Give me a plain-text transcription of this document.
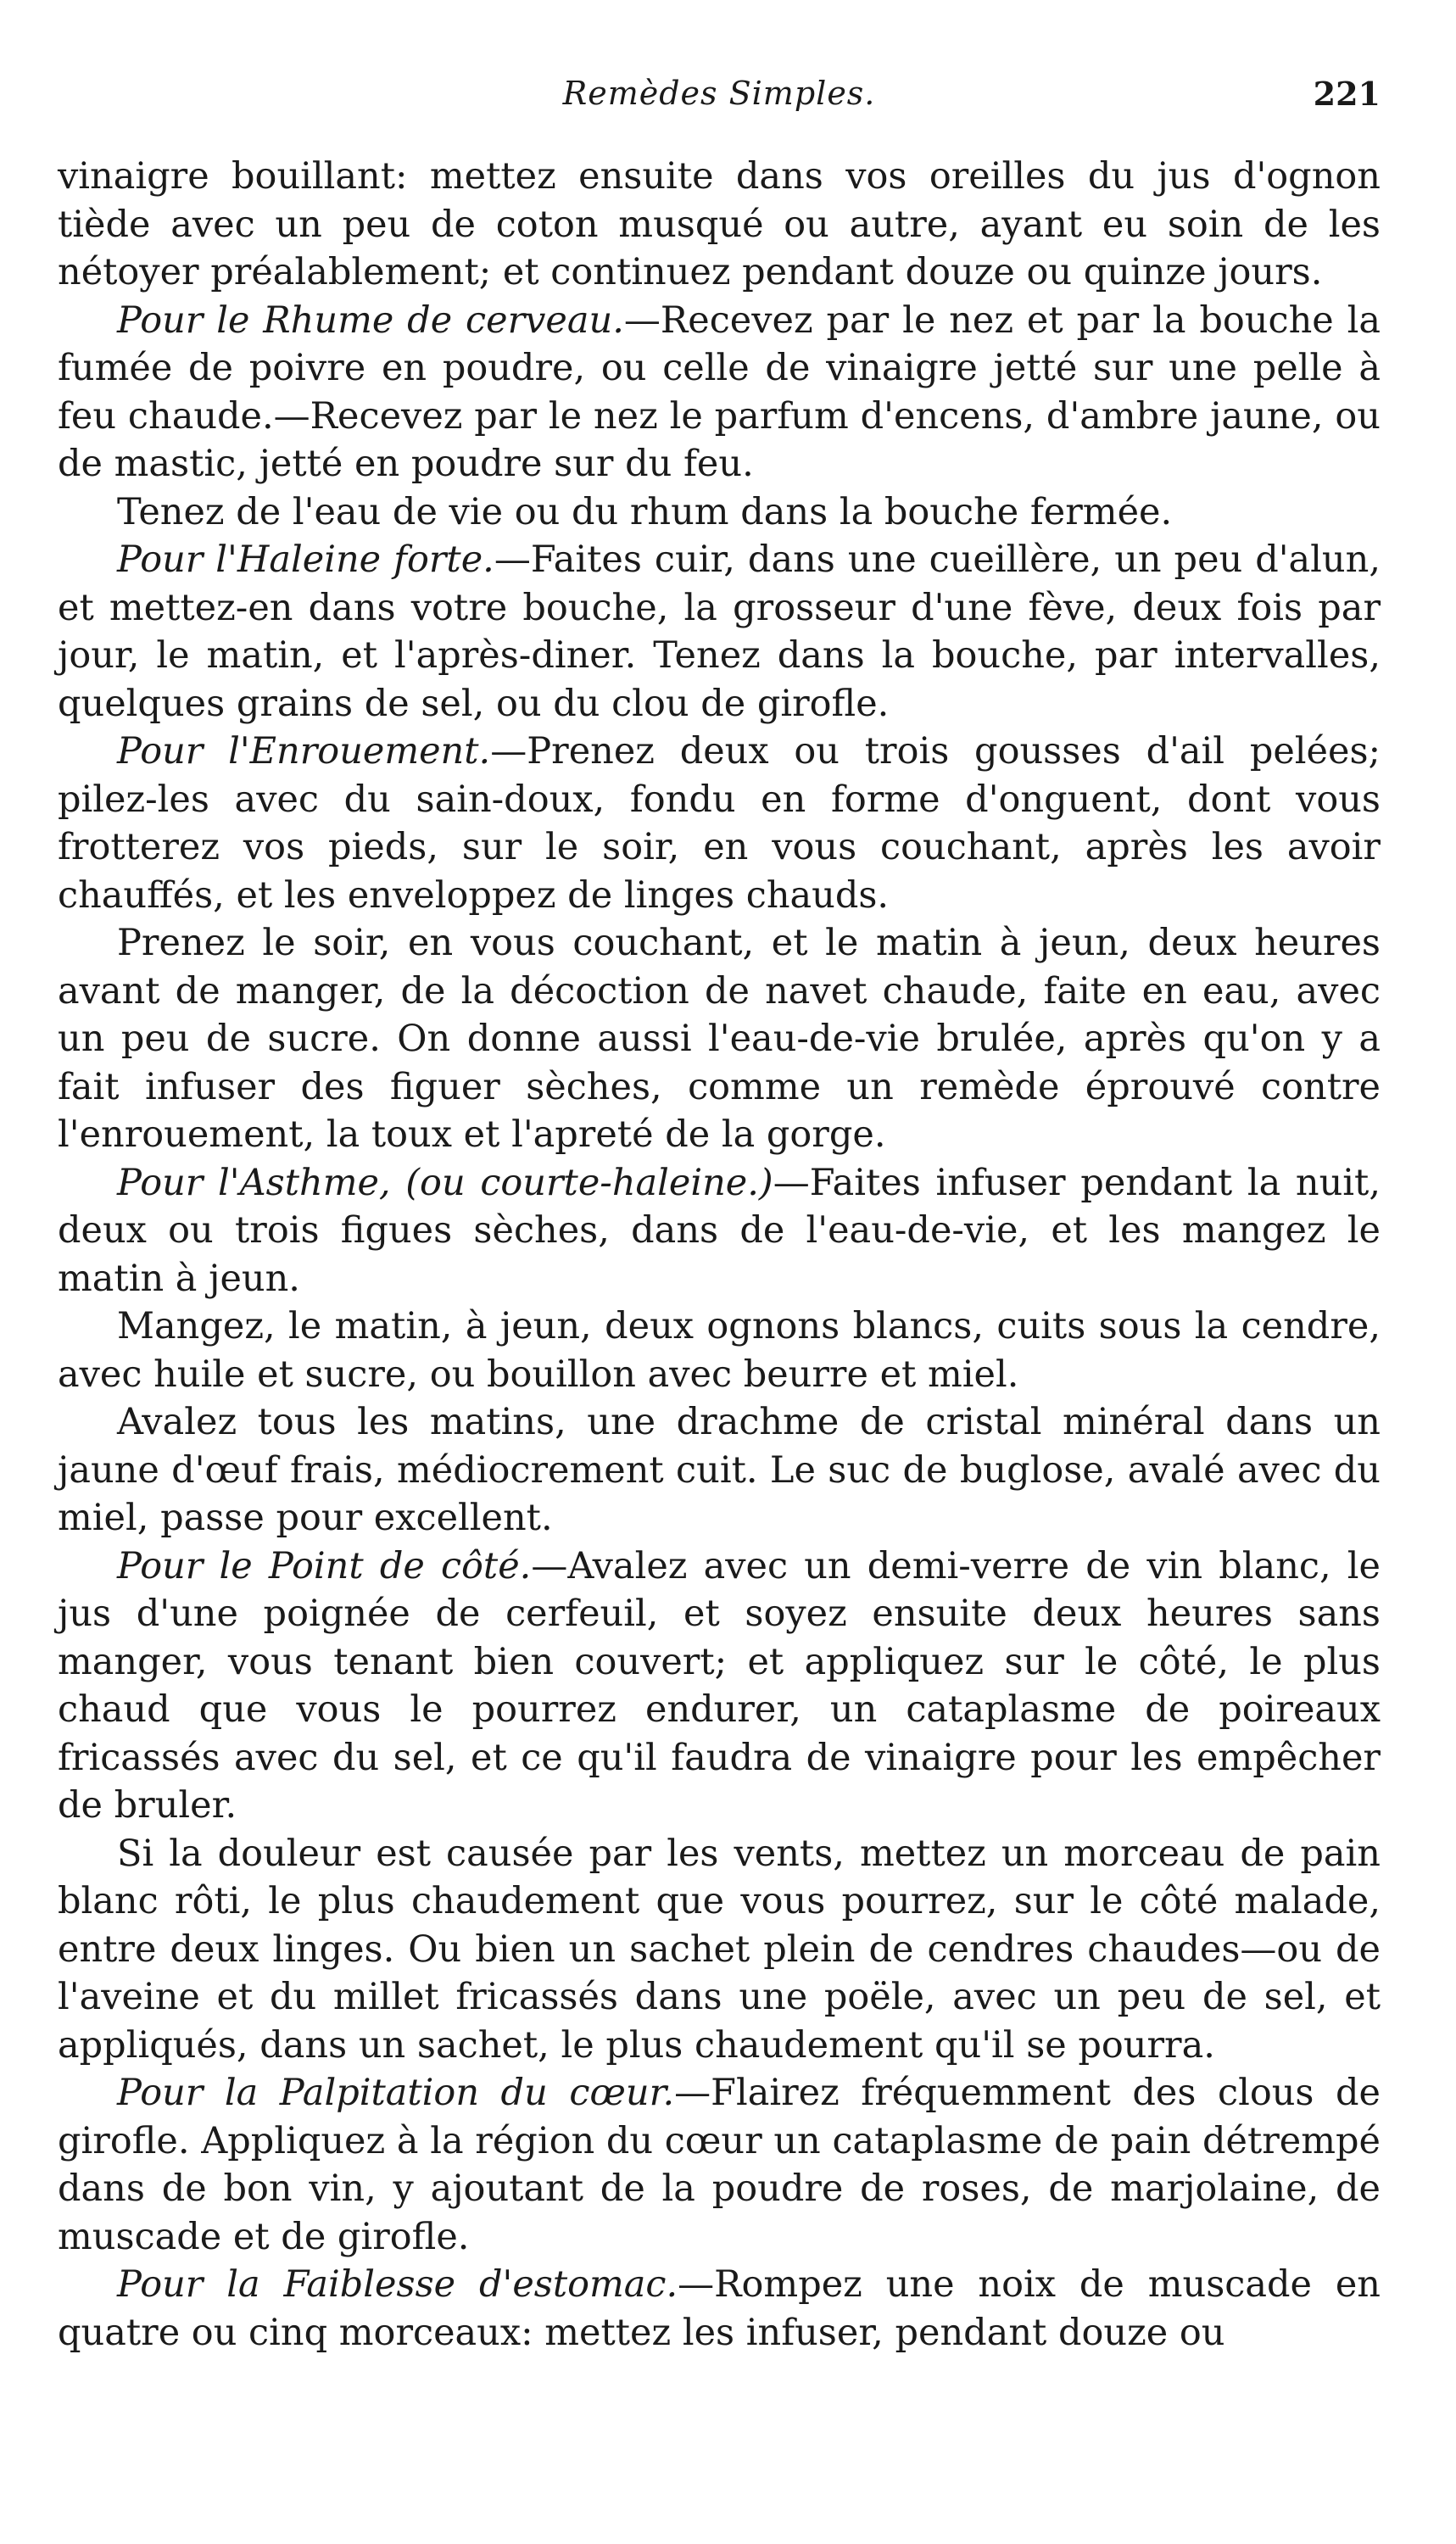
Remèdes Simples.	221

vinaigre bouillant: mettez ensuite dans vos oreilles du jus d'ognon tiède avec un peu de coton musqué ou autre, ayant eu soin de les nétoyer préalablement; et continuez pendant douze ou quinze jours.

Pour le Rhume de cerveau.—Recevez par le nez et par la bouche la fumée de poivre en poudre, ou celle de vinaigre jetté sur une pelle à feu chaude.—Recevez par le nez le parfum d'encens, d'ambre jaune, ou de mastic, jetté en poudre sur du feu.

Tenez de l'eau de vie ou du rhum dans la bouche fermée.

Pour l'Haleine forte.—Faites cuir, dans une cueillère, un peu d'alun, et mettez-en dans votre bouche, la grosseur d'une fève, deux fois par jour, le matin, et l'après-diner. Tenez dans la bouche, par intervalles, quelques grains de sel, ou du clou de girofle.

Pour l'Enrouement.—Prenez deux ou trois gousses d'ail pelées; pilez-les avec du sain-doux, fondu en forme d'onguent, dont vous frotterez vos pieds, sur le soir, en vous couchant, après les avoir chauffés, et les enveloppez de linges chauds.

Prenez le soir, en vous couchant, et le matin à jeun, deux heures avant de manger, de la décoction de navet chaude, faite en eau, avec un peu de sucre. On donne aussi l'eau-de-vie brulée, après qu'on y a fait infuser des figuer sèches, comme un remède éprouvé contre l'enrouement, la toux et l'apreté de la gorge.

Pour l'Asthme, (ou courte-haleine.)—Faites infuser pendant la nuit, deux ou trois figues sèches, dans de l'eau-de-vie, et les mangez le matin à jeun.

Mangez, le matin, à jeun, deux ognons blancs, cuits sous la cendre, avec huile et sucre, ou bouillon avec beurre et miel.

Avalez tous les matins, une drachme de cristal minéral dans un jaune d'œuf frais, médiocrement cuit. Le suc de buglose, avalé avec du miel, passe pour excellent.

Pour le Point de côté.—Avalez avec un demi-verre de vin blanc, le jus d'une poignée de cerfeuil, et soyez ensuite deux heures sans manger, vous tenant bien couvert; et appliquez sur le côté, le plus chaud que vous le pourrez endurer, un cataplasme de poireaux fricassés avec du sel, et ce qu'il faudra de vinaigre pour les empêcher de bruler.

Si la douleur est causée par les vents, mettez un morceau de pain blanc rôti, le plus chaudement que vous pourrez, sur le côté malade, entre deux linges. Ou bien un sachet plein de cendres chaudes—ou de l'aveine et du millet fricassés dans une poële, avec un peu de sel, et appliqués, dans un sachet, le plus chaudement qu'il se pourra.

Pour la Palpitation du cœur.—Flairez fréquemment des clous de girofle. Appliquez à la région du cœur un cataplasme de pain détrempé dans de bon vin, y ajoutant de la poudre de roses, de marjolaine, de muscade et de girofle.

Pour la Faiblesse d'estomac.—Rompez une noix de muscade en quatre ou cinq morceaux: mettez les infuser, pendant douze ou
